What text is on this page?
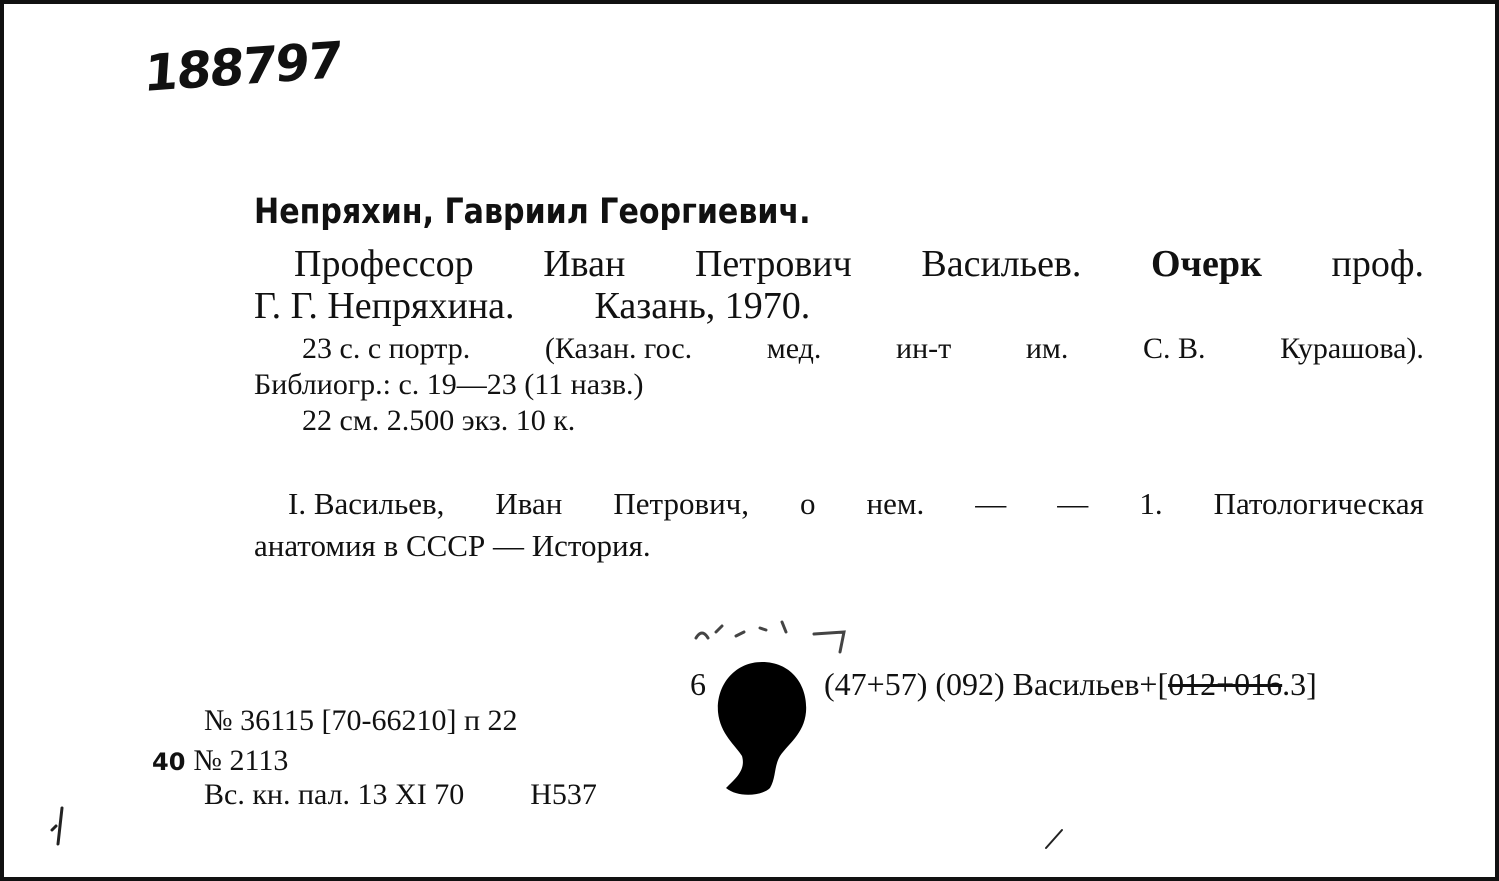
188797
Непряхин, Гавриил Георгиевич.
Профессор Иван Петрович Васильев. Очерк проф.
Г. Г. Непряхина. Казань, 1970.
23 с. с портр. (Казан. гос. мед. ин-т им. С. В. Курашова).
Библиогр.: с. 19—23 (11 назв.)
22 см. 2.500 экз. 10 к.
I. Васильев, Иван Петрович, о нем. — — 1. Патологическая
анатомия в СССР — История.
6	(47+57) (092) Васильев+[012+016.3]
№ 36115 [70-66210] п 22
40 № 2113
Вс. кн. пал. 13 XI 70 Н537
